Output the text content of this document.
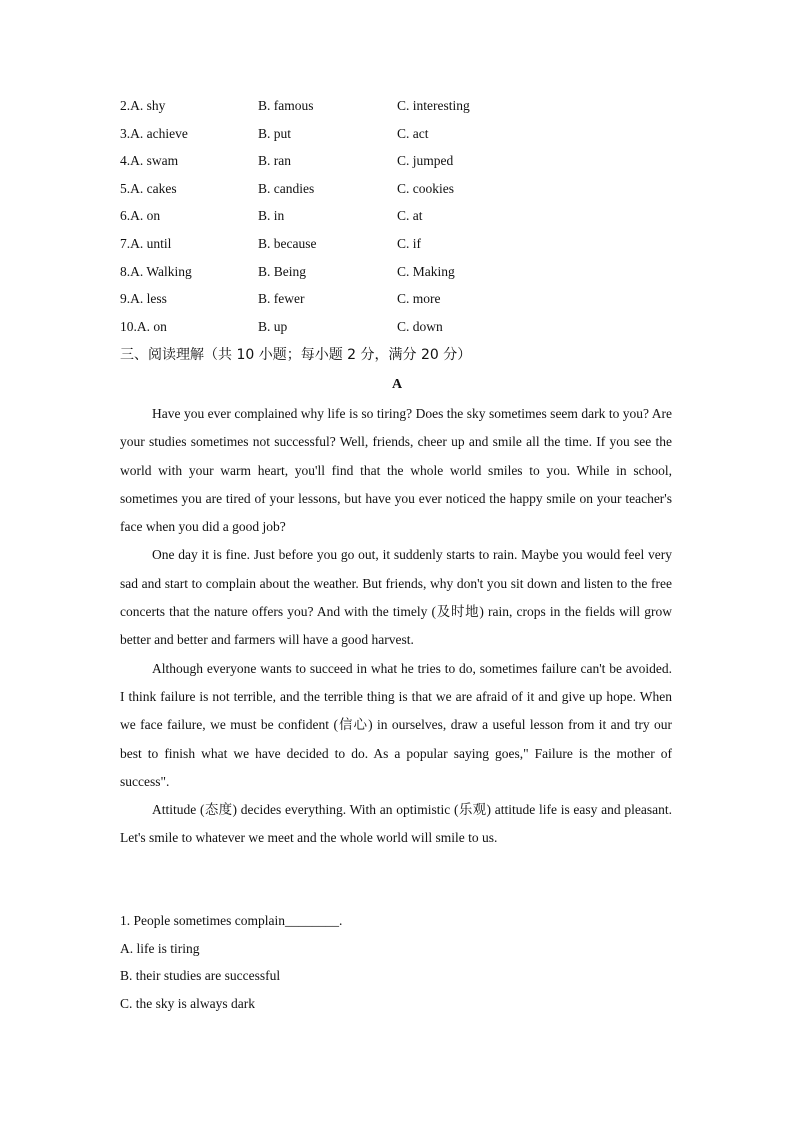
2.A. shy	B. famous	C. interesting
3.A. achieve	B. put	C. act
4.A. swam	B. ran	C. jumped
5.A. cakes	B. candies	C. cookies
6.A. on	B. in	C. at
7.A. until	B. because	C. if
8.A. Walking	B. Being	C. Making
9.A. less	B. fewer	C. more
10.A. on	B. up	C. down
三、阅读理解（共 10 小题；每小题 2 分，满分 20 分）
A

Have you ever complained why life is so tiring? Does the sky sometimes seem dark to you? Are your studies sometimes not successful? Well, friends, cheer up and smile all the time. If you see the world with your warm heart, you'll find that the whole world smiles to you. While in school, sometimes you are tired of your lessons, but have you ever noticed the happy smile on your teacher's face when you did a good job?

One day it is fine. Just before you go out, it suddenly starts to rain. Maybe you would feel very sad and start to complain about the weather. But friends, why don't you sit down and listen to the free concerts that the nature offers you? And with the timely (及时地) rain, crops in the fields will grow better and better and farmers will have a good harvest.

Although everyone wants to succeed in what he tries to do, sometimes failure can't be avoided. I think failure is not terrible, and the terrible thing is that we are afraid of it and give up hope. When we face failure, we must be confident (信心) in ourselves, draw a useful lesson from it and try our best to finish what we have decided to do. As a popular saying goes," Failure is the mother of success".

Attitude (态度) decides everything. With an optimistic (乐观) attitude life is easy and pleasant. Let's smile to whatever we meet and the whole world will smile to us.

1. People sometimes complain________.
A. life is tiring
B. their studies are successful
C. the sky is always dark
